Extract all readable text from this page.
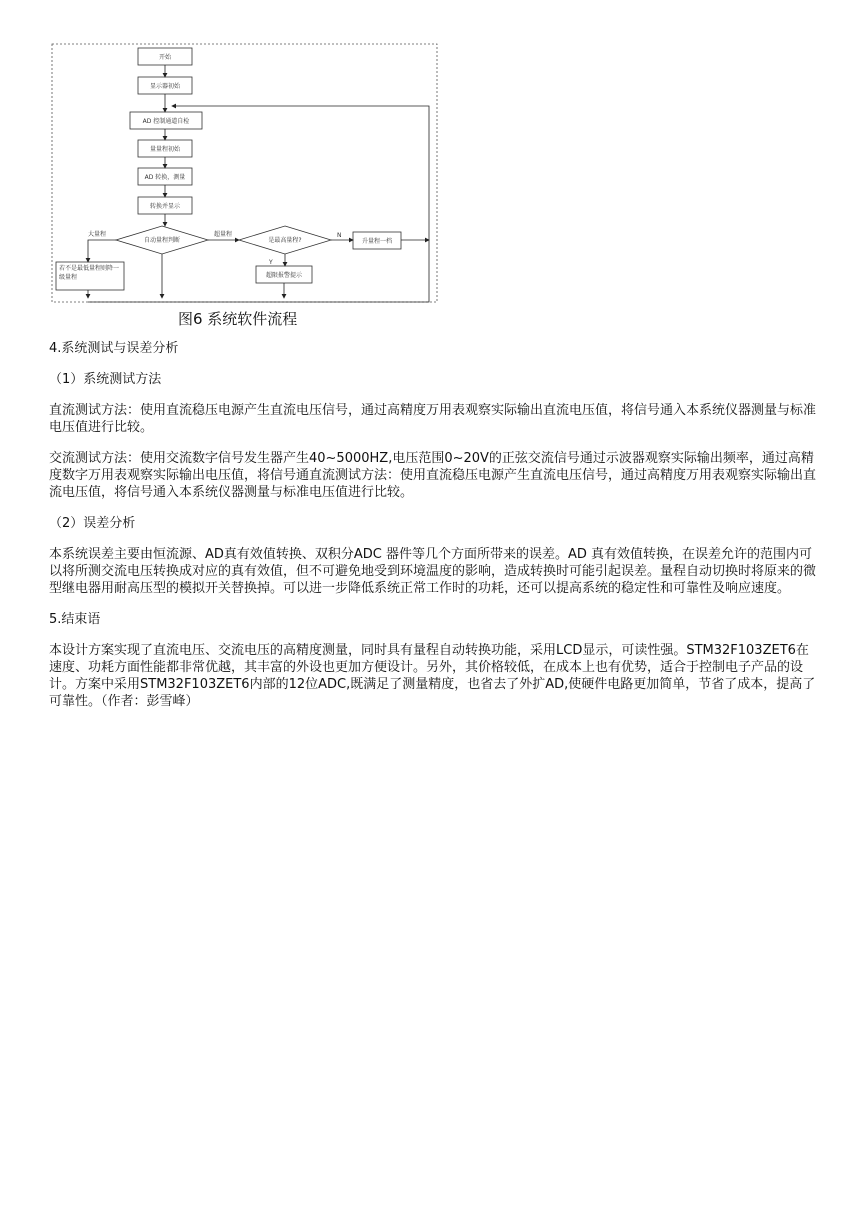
开始
显示器初始
AD 控制通道自检
量量程初始
AD 转换，测量
转换并显示
自动量程判断	是最高量程?	升量程一档
若不是最低量程则降一级量程	超限报警提示
大量程	超量程	N
Y
图6 系统软件流程

4.系统测试与误差分析

（1）系统测试方法

直流测试方法：使用直流稳压电源产生直流电压信号，通过高精度万用表观察实际输出直流电压值，将信号通入本系统仪器测量与标准电压值进行比较。

交流测试方法：使用交流数字信号发生器产生40~5000HZ,电压范围0~20V的正弦交流信号通过示波器观察实际输出频率，通过高精度数字万用表观察实际输出电压值，将信号通直流测试方法：使用直流稳压电源产生直流电压信号，通过高精度万用表观察实际输出直流电压值，将信号通入本系统仪器测量与标准电压值进行比较。

（2）误差分析

本系统误差主要由恒流源、AD真有效值转换、双积分ADC 器件等几个方面所带来的误差。AD 真有效值转换，在误差允许的范围内可以将所测交流电压转换成对应的真有效值，但不可避免地受到环境温度的影响，造成转换时可能引起误差。量程自动切换时将原来的微型继电器用耐高压型的模拟开关替换掉。可以进一步降低系统正常工作时的功耗，还可以提高系统的稳定性和可靠性及响应速度。

5.结束语

本设计方案实现了直流电压、交流电压的高精度测量，同时具有量程自动转换功能，采用LCD显示，可读性强。STM32F103ZET6在速度、功耗方面性能都非常优越，其丰富的外设也更加方便设计。另外，其价格较低，在成本上也有优势，适合于控制电子产品的设计。方案中采用STM32F103ZET6内部的12位ADC,既满足了测量精度，也省去了外扩AD,使硬件电路更加简单，节省了成本，提高了可靠性。（作者：彭雪峰）
